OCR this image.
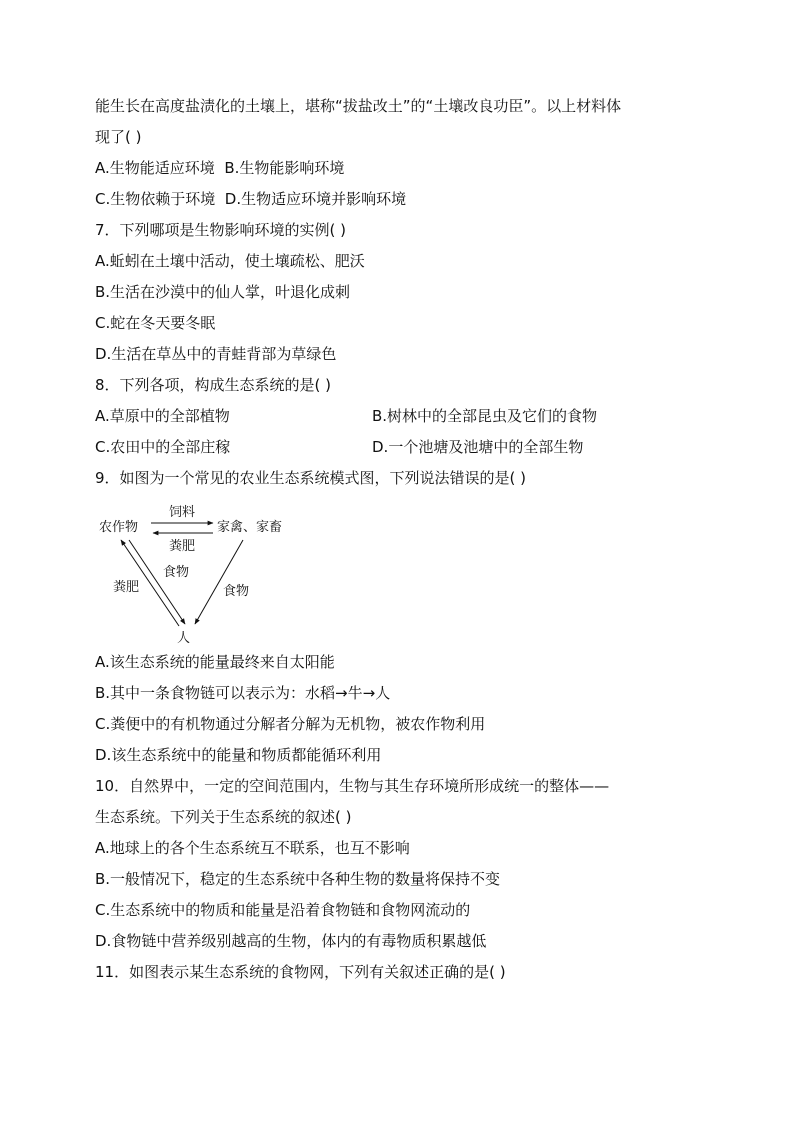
能生长在高度盐渍化的土壤上，堪称“拔盐改土”的“土壤改良功臣”。以上材料体
现了( )
A.生物能适应环境 B.生物能影响环境
C.生物依赖于环境 D.生物适应环境并影响环境
7．下列哪项是生物影响环境的实例( )
A.蚯蚓在土壤中活动，使土壤疏松、肥沃
B.生活在沙漠中的仙人掌，叶退化成刺
C.蛇在冬天要冬眠
D.生活在草丛中的青蛙背部为草绿色
8．下列各项，构成生态系统的是( )
A.草原中的全部植物	B.树林中的全部昆虫及它们的食物
C.农田中的全部庄稼	D.一个池塘及池塘中的全部生物
9．如图为一个常见的农业生态系统模式图，下列说法错误的是( )
农作物	家禽、家畜
人
饲料
粪肥
粪肥
食物
食物
A.该生态系统的能量最终来自太阳能
B.其中一条食物链可以表示为：水稻→牛→人
C.粪便中的有机物通过分解者分解为无机物，被农作物利用
D.该生态系统中的能量和物质都能循环利用
10．自然界中，一定的空间范围内，生物与其生存环境所形成统一的整体——
生态系统。下列关于生态系统的叙述( )
A.地球上的各个生态系统互不联系，也互不影响
B.一般情况下，稳定的生态系统中各种生物的数量将保持不变
C.生态系统中的物质和能量是沿着食物链和食物网流动的
D.食物链中营养级别越高的生物，体内的有毒物质积累越低
11．如图表示某生态系统的食物网，下列有关叙述正确的是( )
